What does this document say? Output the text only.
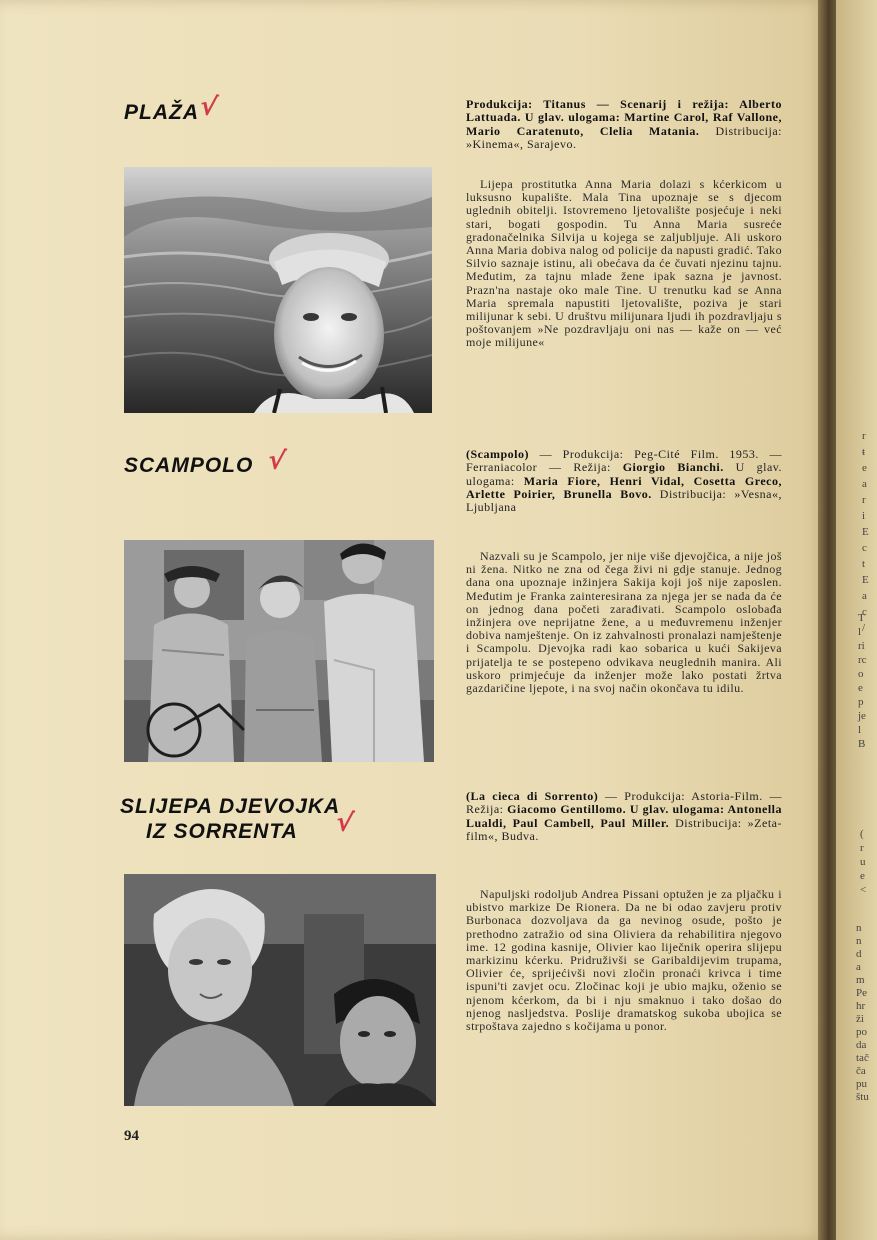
PLAŽA
√	Produkcija: Titanus — Scenarij i režija: Alberto Lattuada. U glav. ulogama: Martine Carol, Raf Vallone, Mario Caratenuto, Clelia Matania. Distribucija: »Kinema«, Sarajevo.

Lijepa prostitutka Anna Maria dolazi s kćerkicom u luksusno kupalište. Mala Tina upoznaje se s djecom uglednih obitelji. Istovremeno ljetovalište posjećuje i neki stari, bogati gospodin. Tu Anna Maria susreće gradonačelnika Silvija u kojega se zaljubljuje. Ali uskoro Anna Maria dobiva nalog od policije da napusti gradić. Tako Silvio saznaje istinu, ali obećava da će čuvati njezinu tajnu. Međutim, za tajnu mlade žene ipak sazna je javnost. Prazn'na nastaje oko male Tine. U trenutku kad se Anna Maria spremala napustiti ljetovalište, poziva je stari milijunar k sebi. U društvu milijunara ljudi ih pozdravljaju s poštovanjem »Ne pozdravljaju oni nas — kaže on — već moje milijune«

SCAMPOLO √	(Scampolo) — Produkcija: Peg-Cité Film. 1953. — Ferraniacolor — Režija: Giorgio Bianchi. U glav. ulogama: Maria Fiore, Henri Vidal, Cosetta Greco, Arlette Poirier, Brunella Bovo. Distribucija: »Vesna«, Ljubljana

Nazvali su je Scampolo, jer nije više djevojčica, a nije još ni žena. Nitko ne zna od čega živi ni gdje stanuje. Jednog dana ona upoznaje inžinjera Sakija koji još nije zaposlen. Međutim je Franka zainteresirana za njega jer se nada da će on jednog dana početi zarađivati. Scampolo oslobađa inžinjera ove neprijatne žene, a u međuvremenu inženjer dobiva namještenje. On iz zahvalnosti pronalazi namještenje i Scampolu. Djevojka radi kao sobarica u kući Sakijeva prijatelja te se postepeno odvikava neuglednih manira. Ali uskoro primjećuje da inženjer može lako postati žrtva gazdaričine ljepote, i na svoj način okončava tu idilu.

SLIJEPA DJEVOJKA
IZ SORRENTA	√

(La ciеca di Sorrento) — Produkcija: Astoria-Film. — Režija: Giacomo Gentillomo. U glav. ulogama: Antonella Lualdi, Paul Cambell, Paul Miller. Distribucija: »Zeta-film«, Budva.

Napuljski rodoljub Andrea Pissani optužen je za pljačku i ubistvo markize De Rionera. Da ne bi odao zavjeru protiv Burbonaca dozvoljava da ga nevinog osude, pošto je prethodno zatražio od sina Oliviera da rehabilitira njegovo ime. 12 godina kasnije, Olivier kao liječnik operira slijepu markizinu kćerku. Pridruživši se Garibaldijevim trupama, Olivier će, sprijećivši novi zločin pronaći krivca i time ispuni'ti zavjet ocu. Zločinac koji je ubio majku, oženio se njenom kćerkom, da bi i nju smaknuo i tako došao do njenog nasljedstva. Poslije dramatskog sukoba ubojica se strpoštava zajedno s kočijama u ponor.

94
r
ŧ
e
a
r
i
E
c
t
E
a
c
/
T
l
ri
rc
o
e
p
je
l
B
(
r
u
e
<
n
n
d
a
m
Pe
hr
ži
po
da
tač
ča
pu
štu
